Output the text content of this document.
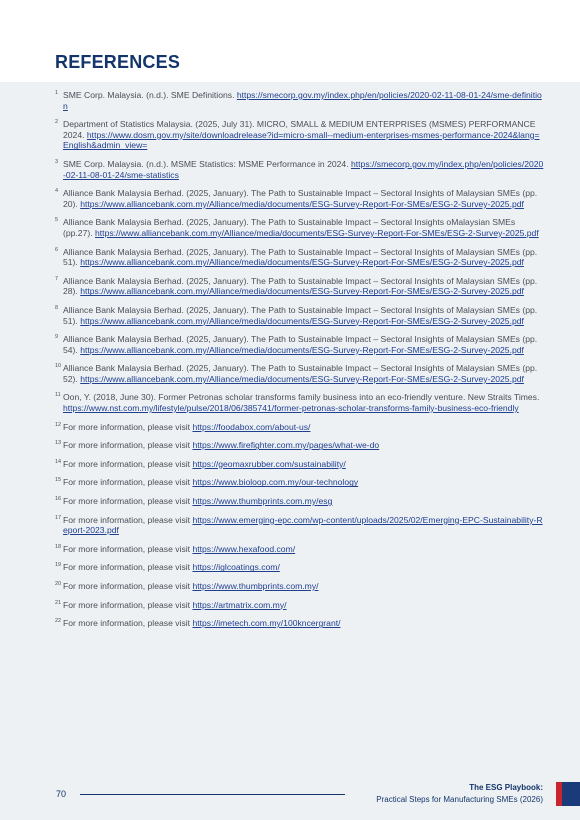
REFERENCES
1 SME Corp. Malaysia. (n.d.). SME Definitions. https://smecorp.gov.my/index.php/en/policies/2020-02-11-08-01-24/sme-definition
2 Department of Statistics Malaysia. (2025, July 31). MICRO, SMALL & MEDIUM ENTERPRISES (MSMES) PERFORMANCE 2024. https://www.dosm.gov.my/site/downloadrelease?id=micro-small--medium-enterprises-msmes-performance-2024&lang=English&admin_view=
3 SME Corp. Malaysia. (n.d.). MSME Statistics: MSME Performance in 2024. https://smecorp.gov.my/index.php/en/policies/2020-02-11-08-01-24/sme-statistics
4 Alliance Bank Malaysia Berhad. (2025, January). The Path to Sustainable Impact – Sectoral Insights of Malaysian SMEs (pp. 20). https://www.alliancebank.com.my/Alliance/media/documents/ESG-Survey-Report-For-SMEs/ESG-2-Survey-2025.pdf
5 Alliance Bank Malaysia Berhad. (2025, January). The Path to Sustainable Impact – Sectoral Insights oMalaysian SMEs (pp.27). https://www.alliancebank.com.my/Alliance/media/documents/ESG-Survey-Report-For-SMEs/ESG-2-Survey-2025.pdf
6 Alliance Bank Malaysia Berhad. (2025, January). The Path to Sustainable Impact – Sectoral Insights of Malaysian SMEs (pp. 51). https://www.alliancebank.com.my/Alliance/media/documents/ESG-Survey-Report-For-SMEs/ESG-2-Survey-2025.pdf
7 Alliance Bank Malaysia Berhad. (2025, January). The Path to Sustainable Impact – Sectoral Insights of Malaysian SMEs (pp. 28). https://www.alliancebank.com.my/Alliance/media/documents/ESG-Survey-Report-For-SMEs/ESG-2-Survey-2025.pdf
8 Alliance Bank Malaysia Berhad. (2025, January). The Path to Sustainable Impact – Sectoral Insights of Malaysian SMEs (pp. 51). https://www.alliancebank.com.my/Alliance/media/documents/ESG-Survey-Report-For-SMEs/ESG-2-Survey-2025.pdf
9 Alliance Bank Malaysia Berhad. (2025, January). The Path to Sustainable Impact – Sectoral Insights of Malaysian SMEs (pp. 54). https://www.alliancebank.com.my/Alliance/media/documents/ESG-Survey-Report-For-SMEs/ESG-2-Survey-2025.pdf
10 Alliance Bank Malaysia Berhad. (2025, January). The Path to Sustainable Impact – Sectoral Insights of Malaysian SMEs (pp. 52). https://www.alliancebank.com.my/Alliance/media/documents/ESG-Survey-Report-For-SMEs/ESG-2-Survey-2025.pdf
11 Oon, Y. (2018, June 30). Former Petronas scholar transforms family business into an eco-friendly venture. New Straits Times. https://www.nst.com.my/lifestyle/pulse/2018/06/385741/former-petronas-scholar-transforms-family-business-eco-friendly
12 For more information, please visit https://foodabox.com/about-us/
13 For more information, please visit https://www.firefighter.com.my/pages/what-we-do
14 For more information, please visit https://geomaxrubber.com/sustainability/
15 For more information, please visit https://www.bioloop.com.my/our-technology
16 For more information, please visit https://www.thumbprints.com.my/esg
17 For more information, please visit https://www.emerging-epc.com/wp-content/uploads/2025/02/Emerging-EPC-Sustainability-Report-2023.pdf
18 For more information, please visit https://www.hexafood.com/
19 For more information, please visit https://iglcoatings.com/
20 For more information, please visit https://www.thumbprints.com.my/
21 For more information, please visit https://artmatrix.com.my/
22 For more information, please visit https://imetech.com.my/100kncergrant/
70
The ESG Playbook:
Practical Steps for Manufacturing SMEs (2026)
